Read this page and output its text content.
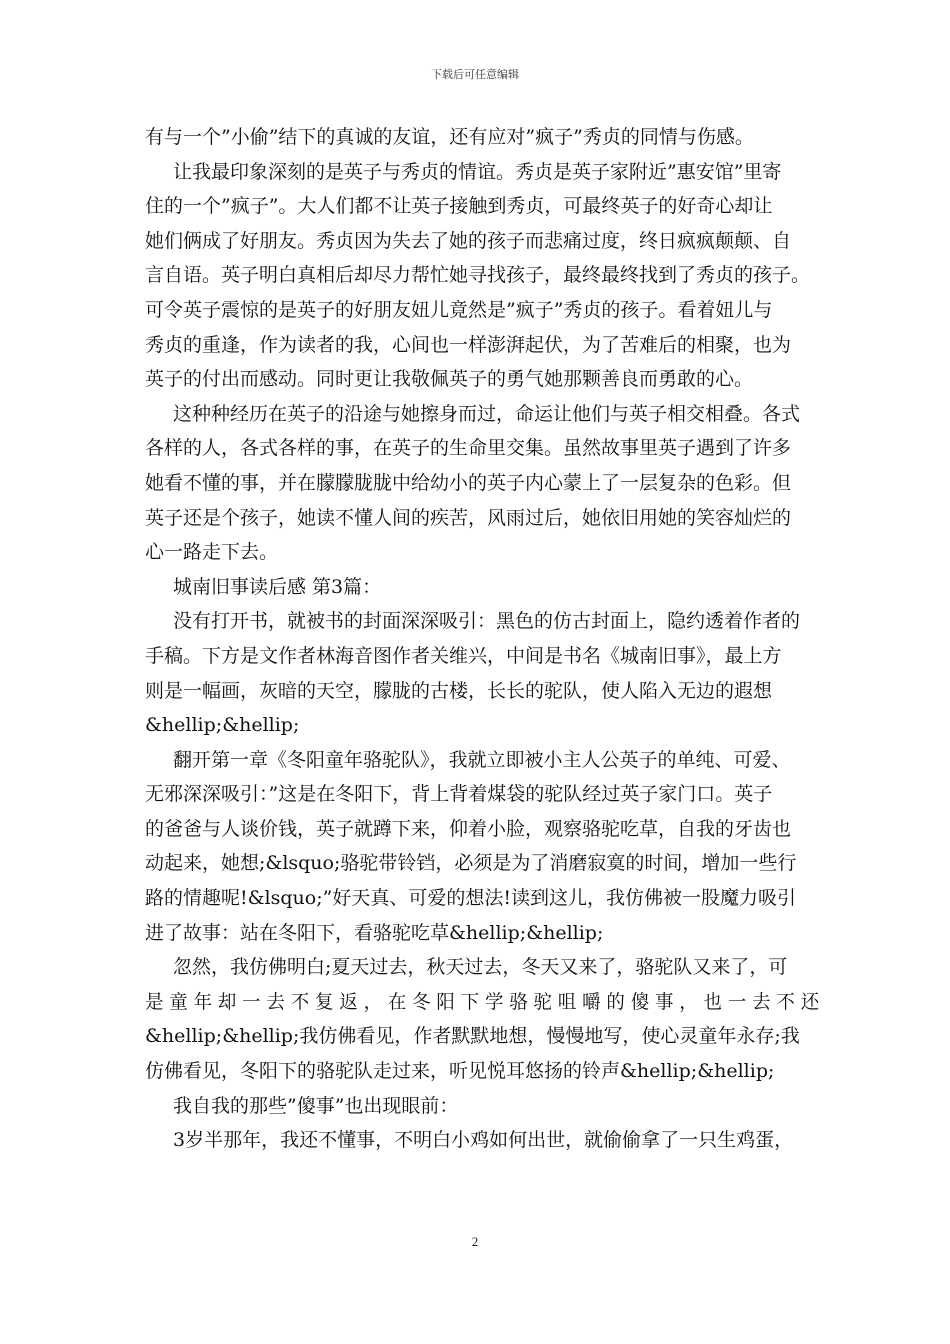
下载后可任意编辑
有与一个”小偷”结下的真诚的友谊，还有应对”疯子”秀贞的同情与伤感。
让我最印象深刻的是英子与秀贞的情谊。秀贞是英子家附近”惠安馆”里寄
住的一个”疯子”。大人们都不让英子接触到秀贞，可最终英子的好奇心却让
她们俩成了好朋友。秀贞因为失去了她的孩子而悲痛过度，终日疯疯颠颠、自
言自语。英子明白真相后却尽力帮忙她寻找孩子，最终最终找到了秀贞的孩子。
可令英子震惊的是英子的好朋友妞儿竟然是”疯子”秀贞的孩子。看着妞儿与
秀贞的重逢，作为读者的我，心间也一样澎湃起伏，为了苦难后的相聚，也为
英子的付出而感动。同时更让我敬佩英子的勇气她那颗善良而勇敢的心。
这种种经历在英子的沿途与她擦身而过，命运让他们与英子相交相叠。各式
各样的人，各式各样的事，在英子的生命里交集。虽然故事里英子遇到了许多
她看不懂的事，并在朦朦胧胧中给幼小的英子内心蒙上了一层复杂的色彩。但
英子还是个孩子，她读不懂人间的疾苦，风雨过后，她依旧用她的笑容灿烂的
心一路走下去。
城南旧事读后感 第3篇：
没有打开书，就被书的封面深深吸引：黑色的仿古封面上，隐约透着作者的
手稿。下方是文作者林海音图作者关维兴，中间是书名《城南旧事》，最上方
则是一幅画，灰暗的天空，朦胧的古楼，长长的驼队，使人陷入无边的遐想
&hellip;&hellip;
翻开第一章《冬阳童年骆驼队》，我就立即被小主人公英子的单纯、可爱、
无邪深深吸引：”这是在冬阳下，背上背着煤袋的驼队经过英子家门口。英子
的爸爸与人谈价钱，英子就蹲下来，仰着小脸，观察骆驼吃草，自我的牙齿也
动起来，她想;&lsquo;骆驼带铃铛，必须是为了消磨寂寞的时间，增加一些行
路的情趣呢!&lsquo;”好天真、可爱的想法!读到这儿，我仿佛被一股魔力吸引
进了故事：站在冬阳下，看骆驼吃草&hellip;&hellip;
忽然，我仿佛明白;夏天过去，秋天过去，冬天又来了，骆驼队又来了，可
是童年却一去不复返，在冬阳下学骆驼咀嚼的傻事，也一去不还
&hellip;&hellip;我仿佛看见，作者默默地想，慢慢地写，使心灵童年永存;我
仿佛看见，冬阳下的骆驼队走过来，听见悦耳悠扬的铃声&hellip;&hellip;
我自我的那些”傻事”也出现眼前：
3岁半那年，我还不懂事，不明白小鸡如何出世，就偷偷拿了一只生鸡蛋，
2
